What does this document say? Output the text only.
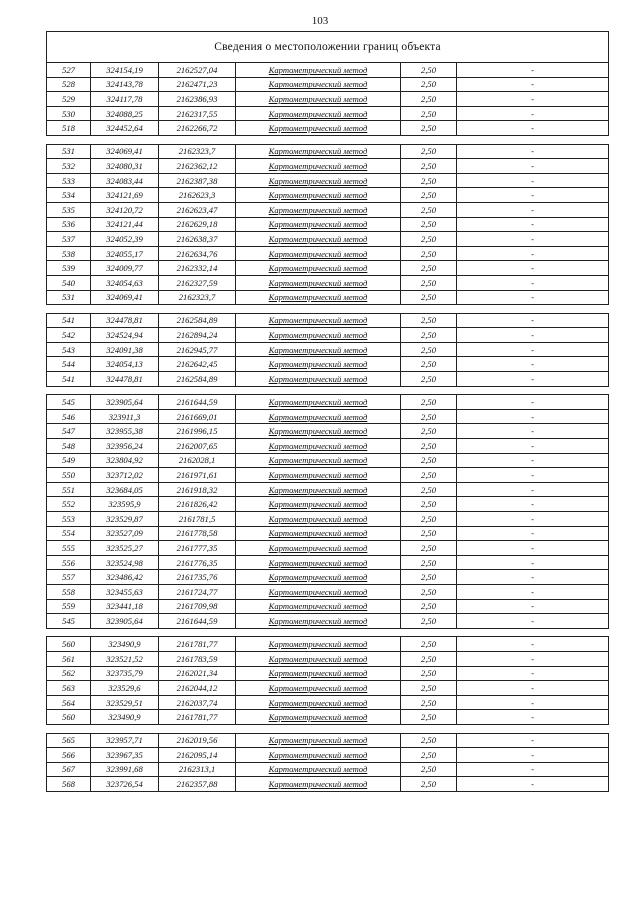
103
Сведения о местоположении границ объекта					
527	324154,19	2162527,04	Картометрический метод	2,50	-
528	324143,78	2162471,23	Картометрический метод	2,50	-
529	324117,78	2162386,93	Картометрический метод	2,50	-
530	324088,25	2162317,55	Картометрический метод	2,50	-
518	324452,64	2162266,72	Картометрический метод	2,50	-

531	324069,41	2162323,7	Картометрический метод	2,50	-
532	324080,31	2162362,12	Картометрический метод	2,50	-
533	324083,44	2162387,38	Картометрический метод	2,50	-
534	324121,69	2162623,3	Картометрический метод	2,50	-
535	324120,72	2162623,47	Картометрический метод	2,50	-
536	324121,44	2162629,18	Картометрический метод	2,50	-
537	324052,39	2162638,37	Картометрический метод	2,50	-
538	324055,17	2162634,76	Картометрический метод	2,50	-
539	324009,77	2162332,14	Картометрический метод	2,50	-
540	324054,63	2162327,59	Картометрический метод	2,50	-
531	324069,41	2162323,7	Картометрический метод	2,50	-

541	324478,81	2162584,89	Картометрический метод	2,50	-
542	324524,94	2162894,24	Картометрический метод	2,50	-
543	324091,38	2162945,77	Картометрический метод	2,50	-
544	324054,13	2162642,45	Картометрический метод	2,50	-
541	324478,81	2162584,89	Картометрический метод	2,50	-

545	323905,64	2161644,59	Картометрический метод	2,50	-
546	323911,3	2161669,01	Картометрический метод	2,50	-
547	323955,38	2161996,15	Картометрический метод	2,50	-
548	323956,24	2162007,65	Картометрический метод	2,50	-
549	323804,92	2162028,1	Картометрический метод	2,50	-
550	323712,02	2161971,61	Картометрический метод	2,50	-
551	323684,05	2161918,32	Картометрический метод	2,50	-
552	323595,9	2161826,42	Картометрический метод	2,50	-
553	323529,87	2161781,5	Картометрический метод	2,50	-
554	323527,09	2161778,58	Картометрический метод	2,50	-
555	323525,27	2161777,35	Картометрический метод	2,50	-
556	323524,98	2161776,35	Картометрический метод	2,50	-
557	323486,42	2161735,76	Картометрический метод	2,50	-
558	323455,63	2161724,77	Картометрический метод	2,50	-
559	323441,18	2161709,98	Картометрический метод	2,50	-
545	323905,64	2161644,59	Картометрический метод	2,50	-

560	323490,9	2161781,77	Картометрический метод	2,50	-
561	323521,52	2161783,59	Картометрический метод	2,50	-
562	323735,79	2162021,34	Картометрический метод	2,50	-
563	323529,6	2162044,12	Картометрический метод	2,50	-
564	323529,51	2162037,74	Картометрический метод	2,50	-
560	323490,9	2161781,77	Картометрический метод	2,50	-

565	323957,71	2162019,56	Картометрический метод	2,50	-
566	323967,35	2162095,14	Картометрический метод	2,50	-
567	323991,68	2162313,1	Картометрический метод	2,50	-
568	323726,54	2162357,88	Картометрический метод	2,50	-
